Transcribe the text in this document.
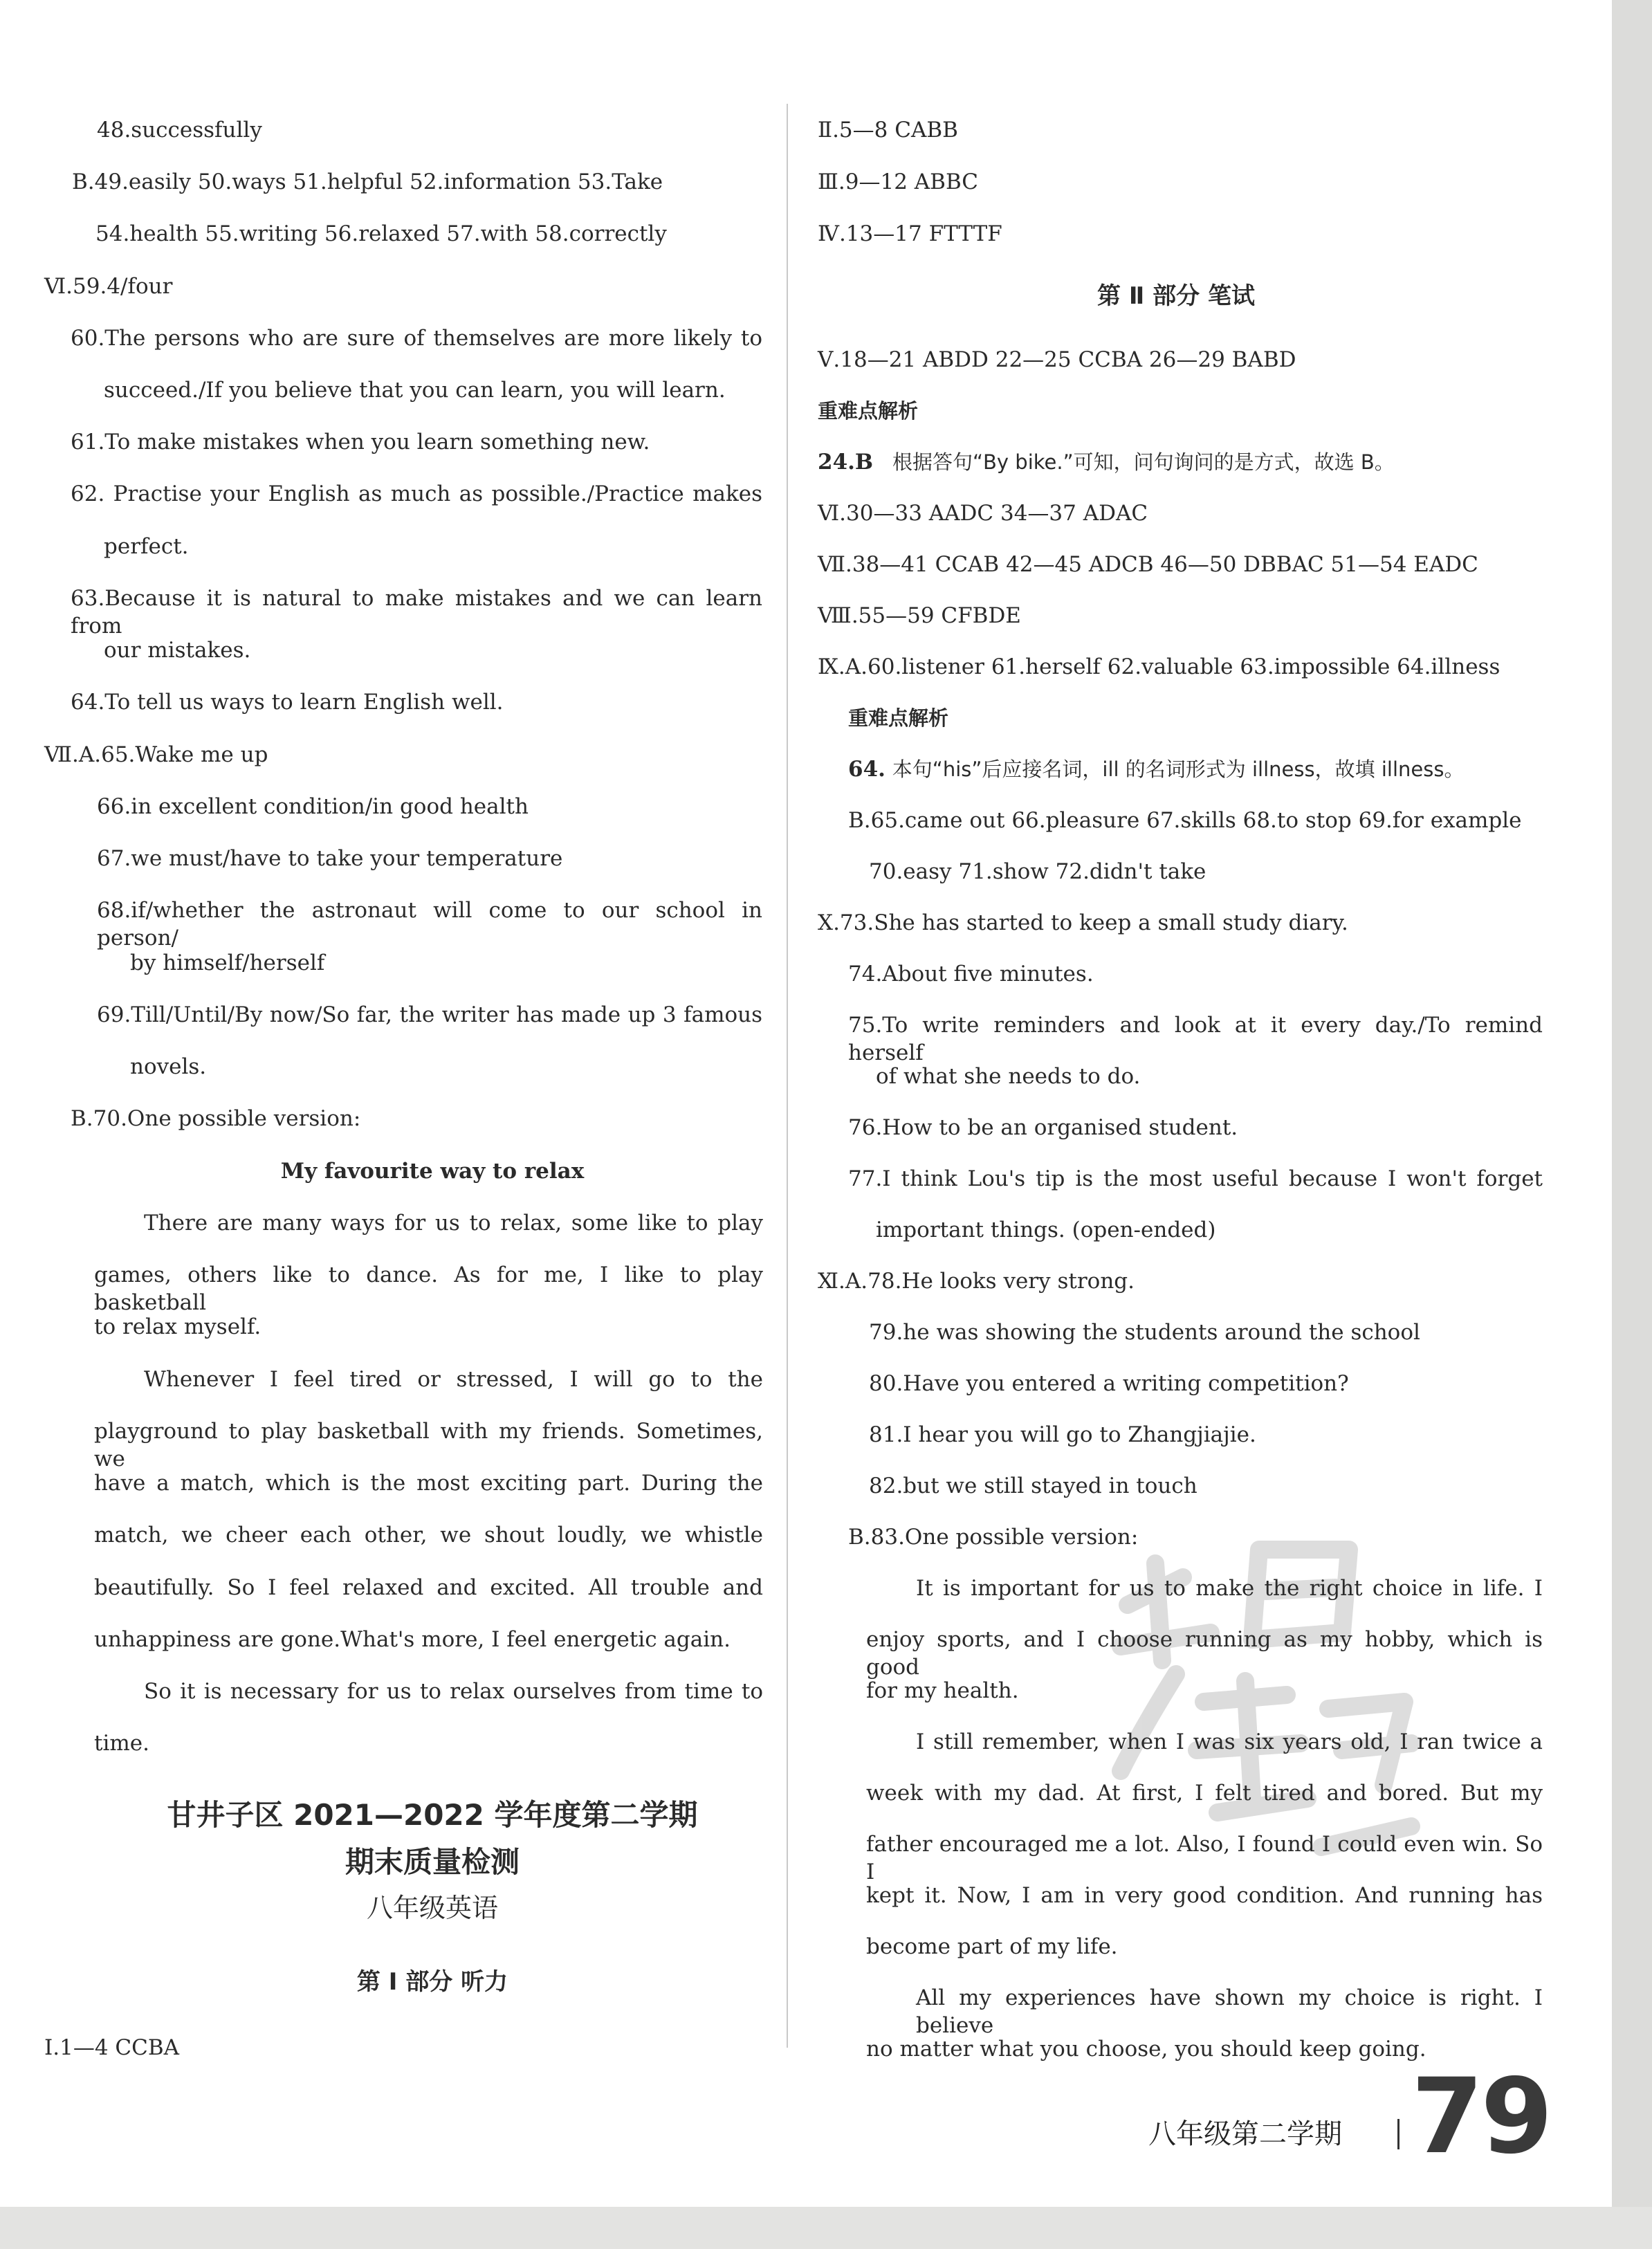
48.successfully
B.49.easily 50.ways 51.helpful 52.information 53.Take
54.health 55.writing 56.relaxed 57.with 58.correctly
Ⅵ.59.4/four
60.The persons who are sure of themselves are more likely to
succeed./If you believe that you can learn, you will learn.
61.To make mistakes when you learn something new.
62. Practise your English as much as possible./Practice makes
perfect.
63.Because it is natural to make mistakes and we can learn from
our mistakes.
64.To tell us ways to learn English well.
Ⅶ.A.65.Wake me up
66.in excellent condition/in good health
67.we must/have to take your temperature
68.if/whether the astronaut will come to our school in person/
by himself/herself
69.Till/Until/By now/So far, the writer has made up 3 famous
novels.
B.70.One possible version:
My favourite way to relax
There are many ways for us to relax, some like to play
games, others like to dance. As for me, I like to play basketball
to relax myself.
Whenever I feel tired or stressed, I will go to the
playground to play basketball with my friends. Sometimes, we
have a match, which is the most exciting part. During the
match, we cheer each other, we shout loudly, we whistle
beautifully. So I feel relaxed and excited. All trouble and
unhappiness are gone.What's more, I feel energetic again.
So it is necessary for us to relax ourselves from time to
time.
甘井子区 2021—2022 学年度第二学期
期末质量检测
八年级英语
第 Ⅰ 部分 听力
Ⅰ.1—4 CCBA
Ⅱ.5—8 CABB
Ⅲ.9—12 ABBC
Ⅳ.13—17 FTTTF
第 Ⅱ 部分 笔试
Ⅴ.18—21 ABDD 22—25 CCBA 26—29 BABD
重难点解析
24.B 根据答句“By bike.”可知，问句询问的是方式，故选 B。
Ⅵ.30—33 AADC 34—37 ADAC
Ⅶ.38—41 CCAB 42—45 ADCB 46—50 DBBAC 51—54 EADC
Ⅷ.55—59 CFBDE
Ⅸ.A.60.listener 61.herself 62.valuable 63.impossible 64.illness
重难点解析
64. 本句“his”后应接名词，ill 的名词形式为 illness，故填 illness。
B.65.came out 66.pleasure 67.skills 68.to stop 69.for example
70.easy 71.show 72.didn't take
Ⅹ.73.She has started to keep a small study diary.
74.About five minutes.
75.To write reminders and look at it every day./To remind herself
of what she needs to do.
76.How to be an organised student.
77.I think Lou's tip is the most useful because I won't forget
important things. (open-ended)
Ⅺ.A.78.He looks very strong.
79.he was showing the students around the school
80.Have you entered a writing competition?
81.I hear you will go to Zhangjiajie.
82.but we still stayed in touch
B.83.One possible version:
It is important for us to make the right choice in life. I
enjoy sports, and I choose running as my hobby, which is good
for my health.
I still remember, when I was six years old, I ran twice a
week with my dad. At first, I felt tired and bored. But my
father encouraged me a lot. Also, I found I could even win. So I
kept it. Now, I am in very good condition. And running has
become part of my life.
All my experiences have shown my choice is right. I believe
no matter what you choose, you should keep going.
八年级第二学期 79
